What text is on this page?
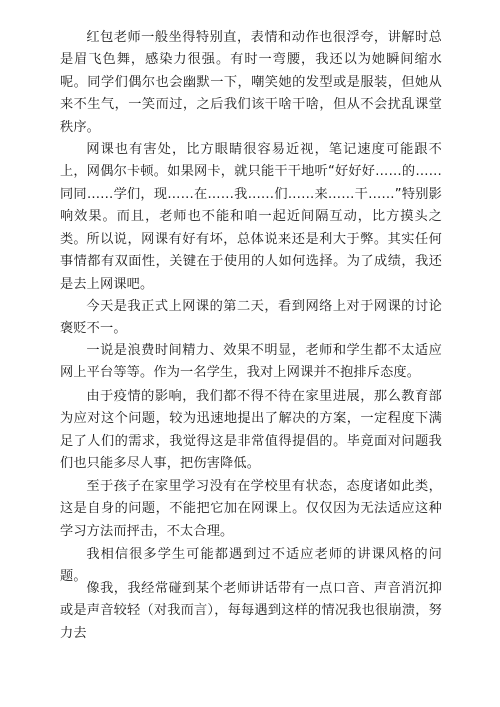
红包老师一般坐得特别直，表情和动作也很浮夸，讲解时总是眉飞色舞，感染力很强。有时一弯腰，我还以为她瞬间缩水呢。同学们偶尔也会幽默一下，嘲笑她的发型或是服装，但她从来不生气，一笑而过，之后我们该干啥干啥，但从不会扰乱课堂秩序。

网课也有害处，比方眼睛很容易近视，笔记速度可能跟不上，网偶尔卡顿。如果网卡，就只能干干地听“好好好……的……同同……学们，现……在……我……们……来……干……”特别影响效果。而且，老师也不能和咱一起近间隔互动，比方摸头之类。 所以说，网课有好有坏，总体说来还是利大于弊。其实任何事情都有双面性，关键在于使用的人如何选择。为了成绩，我还是去上网课吧。

今天是我正式上网课的第二天，看到网络上对于网课的讨论褒贬不一。

一说是浪费时间精力、效果不明显，老师和学生都不太适应网上平台等等。作为一名学生，我对上网课并不抱排斥态度。

由于疫情的影响，我们都不得不待在家里进展，那么教育部为应对这个问题，较为迅速地提出了解决的方案，一定程度下满足了人们的需求，我觉得这是非常值得提倡的。毕竟面对问题我们也只能多尽人事，把伤害降低。

至于孩子在家里学习没有在学校里有状态，态度诸如此类，这是自身的问题，不能把它加在网课上。仅仅因为无法适应这种学习方法而抨击，不太合理。

我相信很多学生可能都遇到过不适应老师的讲课风格的问题。

像我，我经常碰到某个老师讲话带有一点口音、声音消沉抑或是声音较轻（对我而言），每每遇到这样的情况我也很崩溃，努力去
